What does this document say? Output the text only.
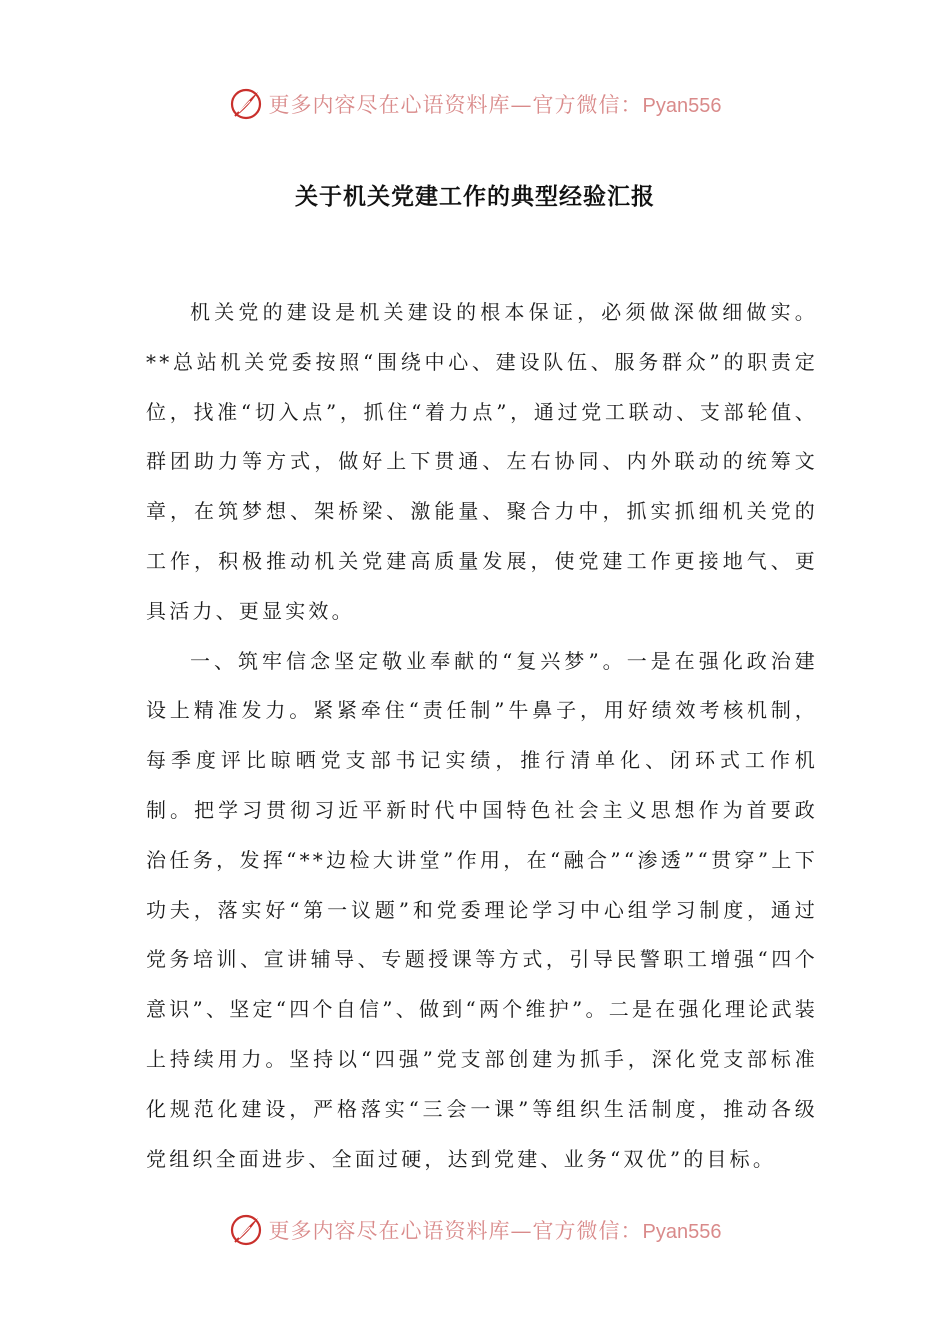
更多内容尽在心语资料库—官方微信：Pyan556
关于机关党建工作的典型经验汇报

机关党的建设是机关建设的根本保证，必须做深做细做实。**总站机关党委按照“围绕中心、建设队伍、服务群众”的职责定位，找准“切入点”，抓住“着力点”，通过党工联动、支部轮值、群团助力等方式，做好上下贯通、左右协同、内外联动的统筹文章，在筑梦想、架桥梁、激能量、聚合力中，抓实抓细机关党的工作，积极推动机关党建高质量发展，使党建工作更接地气、更具活力、更显实效。

一、筑牢信念坚定敬业奉献的“复兴梦”。一是在强化政治建设上精准发力。紧紧牵住“责任制”牛鼻子，用好绩效考核机制，每季度评比晾晒党支部书记实绩，推行清单化、闭环式工作机制。把学习贯彻习近平新时代中国特色社会主义思想作为首要政治任务，发挥“**边检大讲堂”作用，在“融合”“渗透”“贯穿”上下功夫，落实好“第一议题”和党委理论学习中心组学习制度，通过党务培训、宣讲辅导、专题授课等方式，引导民警职工增强“四个意识”、坚定“四个自信”、做到“两个维护”。二是在强化理论武装上持续用力。坚持以“四强”党支部创建为抓手，深化党支部标准化规范化建设，严格落实“三会一课”等组织生活制度，推动各级党组织全面进步、全面过硬，达到党建、业务“双优”的目标。

更多内容尽在心语资料库—官方微信：Pyan556
